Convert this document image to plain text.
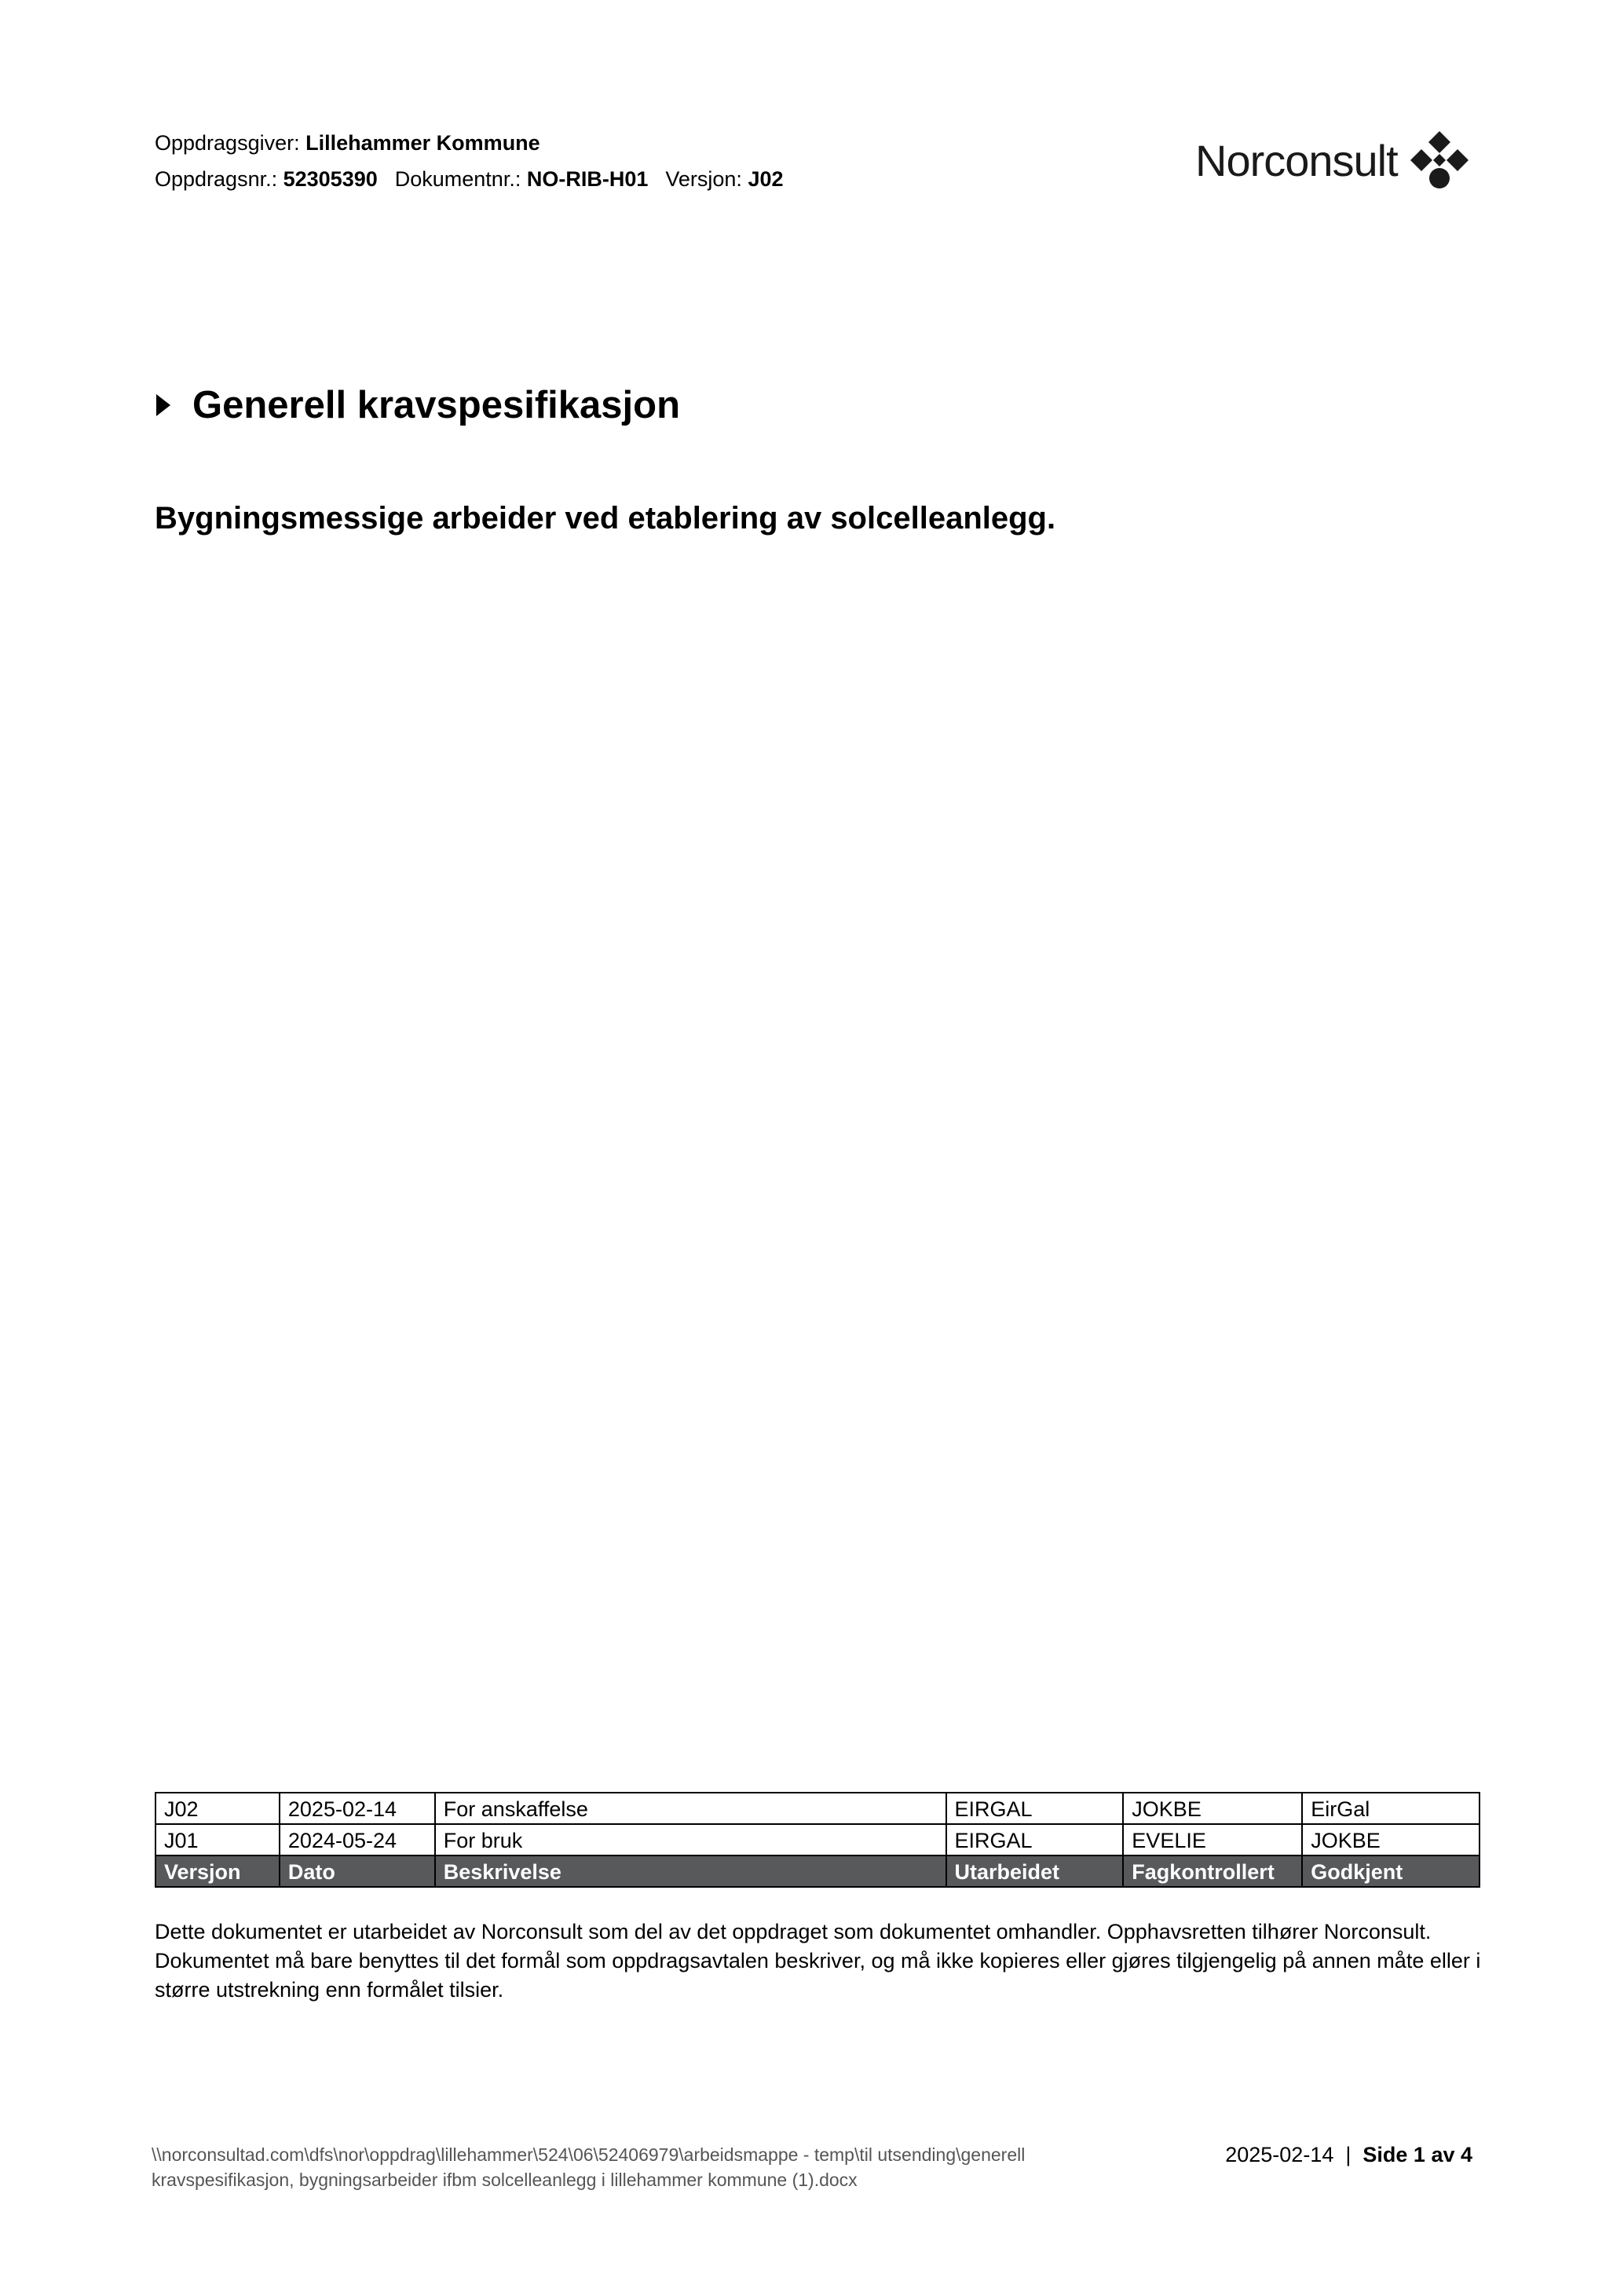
Oppdragsgiver: Lillehammer Kommune
Oppdragsnr.: 52305390 Dokumentnr.: NO-RIB-H01 Versjon: J02	Norconsult
Generell kravspesifikasjon
Bygningsmessige arbeider ved etablering av solcelleanlegg.
J02	2025-02-14	For anskaffelse	EIRGAL	JOKBE	EirGal
J01	2024-05-24	For bruk	EIRGAL	EVELIE	JOKBE
Versjon	Dato	Beskrivelse	Utarbeidet	Fagkontrollert	Godkjent
Dette dokumentet er utarbeidet av Norconsult som del av det oppdraget som dokumentet omhandler. Opphavsretten tilhører Norconsult. Dokumentet må bare benyttes til det formål som oppdragsavtalen beskriver, og må ikke kopieres eller gjøres tilgjengelig på annen måte eller i større utstrekning enn formålet tilsier.
\\norconsultad.com\dfs\nor\oppdrag\lillehammer\524\06\52406979\arbeidsmappe - temp\til utsending\generell kravspesifikasjon, bygningsarbeider ifbm solcelleanlegg i lillehammer kommune (1).docx
2025-02-14 | Side 1 av 4
